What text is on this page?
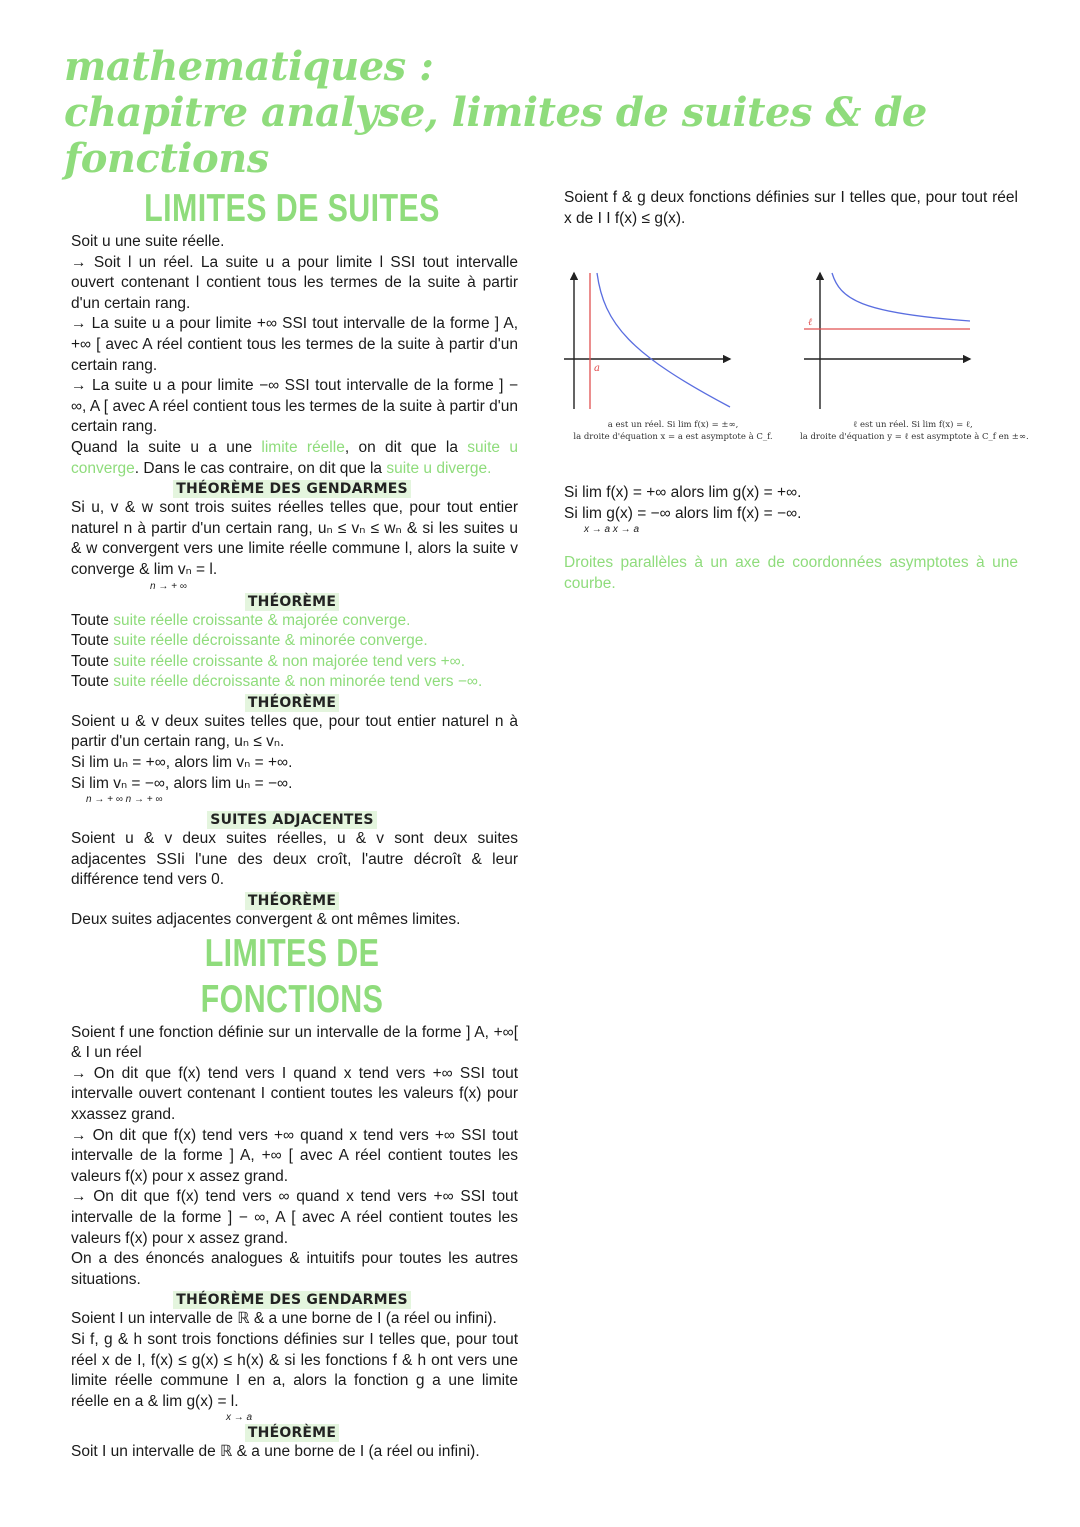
mathematiques :
chapitre analyse, limites de suites & de fonctions
LIMITES DE SUITES

Soit u une suite réelle.

→ Soit l un réel. La suite u a pour limite l SSI tout intervalle ouvert contenant l contient tous les termes de la suite à partir d'un certain rang.

→ La suite u a pour limite +∞ SSI tout intervalle de la forme ] A, +∞ [ avec A réel contient tous les termes de la suite à partir d'un certain rang.

→ La suite u a pour limite −∞ SSI tout intervalle de la forme ] − ∞, A [ avec A réel contient tous les termes de la suite à partir d'un certain rang.

Quand la suite u a une limite réelle, on dit que la suite u converge. Dans le cas contraire, on dit que la suite u diverge.

THÉORÈME DES GENDARMES

Si u, v & w sont trois suites réelles telles que, pour tout entier naturel n à partir d'un certain rang, uₙ ≤ vₙ ≤ wₙ & si les suites u & w convergent vers une limite réelle commune l, alors la suite v converge & lim vₙ = l.

n → + ∞
THÉORÈME

Toute suite réelle croissante & majorée converge.

Toute suite réelle décroissante & minorée converge.

Toute suite réelle croissante & non majorée tend vers +∞.

Toute suite réelle décroissante & non minorée tend vers −∞.

THÉORÈME

Soient u & v deux suites telles que, pour tout entier naturel n à partir d'un certain rang, uₙ ≤ vₙ.

Si lim uₙ = +∞, alors lim vₙ = +∞.

Si lim vₙ = −∞, alors lim uₙ = −∞.

n → + ∞ n → + ∞
SUITES ADJACENTES

Soient u & v deux suites réelles, u & v sont deux suites adjacentes SSIi l'une des deux croît, l'autre décroît & leur différence tend vers 0.

THÉORÈME

Deux suites adjacentes convergent & ont mêmes limites.

LIMITES DE FONCTIONS

Soient f une fonction définie sur un intervalle de la forme ] A, +∞[ & I un réel

→ On dit que f(x) tend vers I quand x tend vers +∞ SSI tout intervalle ouvert contenant I contient toutes les valeurs f(x) pour xxassez grand.

→ On dit que f(x) tend vers +∞ quand x tend vers +∞ SSI tout intervalle de la forme ] A, +∞ [ avec A réel contient toutes les valeurs f(x) pour x assez grand.

→ On dit que f(x) tend vers ∞ quand x tend vers +∞ SSI tout intervalle de la forme ] − ∞, A [ avec A réel contient toutes les valeurs f(x) pour x assez grand.

On a des énoncés analogues & intuitifs pour toutes les autres situations.

THÉORÈME DES GENDARMES

Soient I un intervalle de ℝ & a une borne de I (a réel ou infini).

Si f, g & h sont trois fonctions définies sur I telles que, pour tout réel x de I, f(x) ≤ g(x) ≤ h(x) & si les fonctions f & h ont vers une limite réelle commune I en a, alors la fonction g a une limite réelle en a & lim g(x) = l.

x → a
THÉORÈME

Soit I un intervalle de ℝ & a une borne de I (a réel ou infini).

Soient f & g deux fonctions définies sur I telles que, pour tout réel x de I I f(x) ≤ g(x).

a
a est un réel. Si lim f(x) = ±∞,
la droite d'équation x = a est asymptote à C_f.
ℓ
ℓ est un réel. Si lim f(x) = ℓ,
la droite d'équation y = ℓ est asymptote à C_f en ±∞.

Si lim f(x) = +∞ alors lim g(x) = +∞.

Si lim g(x) = −∞ alors lim f(x) = −∞.

x → a x → a

Droites parallèles à un axe de coordonnées asymptotes à une courbe.
